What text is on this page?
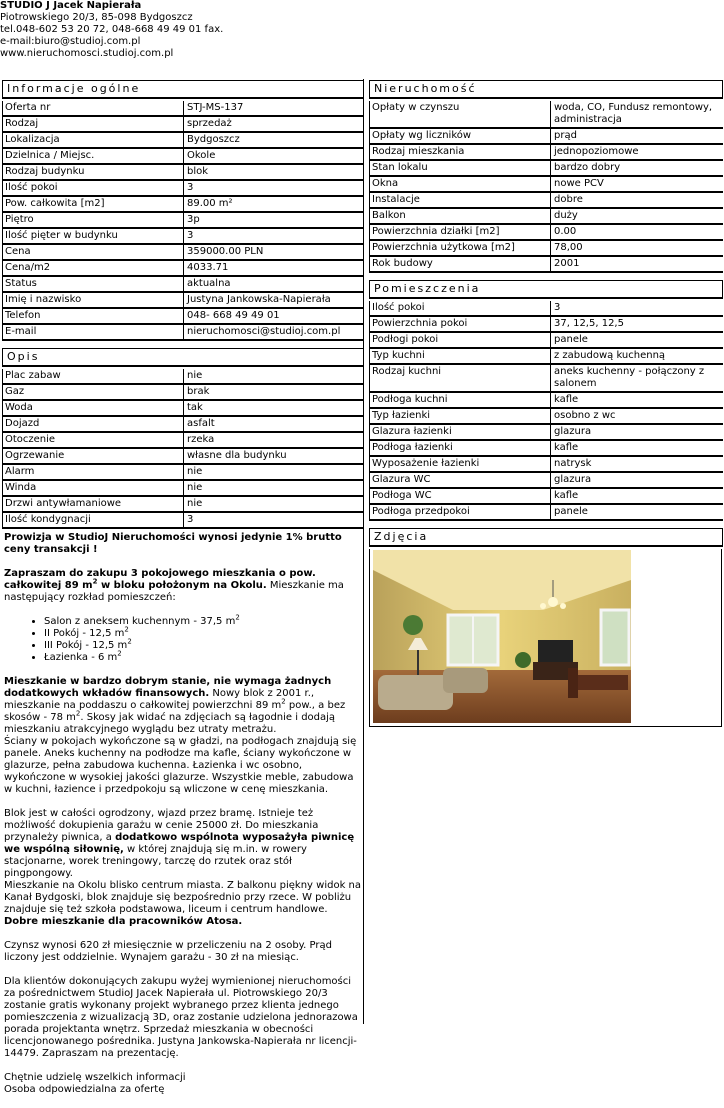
STUDIO J Jacek Napierała
Piotrowskiego 20/3, 85-098 Bydgoszcz
tel.048-602 53 20 72, 048-668 49 49 01 fax.
e-mail:biuro@studioj.com.pl
www.nieruchomosci.studioj.com.pl
Informacje ogólne
Oferta nr	STJ-MS-137
Rodzaj	sprzedaż
Lokalizacja	Bydgoszcz
Dzielnica / Miejsc.	Okole
Rodzaj budynku	blok
Ilość pokoi	3
Pow. całkowita [m2]	89.00 m²
Piętro	3p
Ilość pięter w budynku	3
Cena	359000.00 PLN
Cena/m2	4033.71
Status	aktualna
Imię i nazwisko	Justyna Jankowska-Napierała
Telefon	048- 668 49 49 01
E-mail	nieruchomosci@studioj.com.pl
Opis
Plac zabaw	nie
Gaz	brak
Woda	tak
Dojazd	asfalt
Otoczenie	rzeka
Ogrzewanie	własne dla budynku
Alarm	nie
Winda	nie
Drzwi antywłamaniowe	nie
Ilość kondygnacji	3

Prowizja w StudioJ Nieruchomości wynosi jedynie 1% brutto ceny transakcji !

Zapraszam do zakupu 3 pokojowego mieszkania o pow. całkowitej 89 $m^2$ w bloku położonym na Okolu. Mieszkanie ma następujący rozkład pomieszczeń:

• Salon z aneksem kuchennym - 37,5 $m^2$
• II Pokój - 12,5 $m^2$
• III Pokój - 12,5 $m^2$
• Łazienka - 6 $m^2$

Mieszkanie w bardzo dobrym stanie, nie wymaga żadnych dodatkowych wkładów finansowych. Nowy blok z 2001 r., mieszkanie na poddaszu o całkowitej powierzchni 89 $m^2$ pow., a bez skosów - 78 $m^2$. Skosy jak widać na zdjęciach są łagodnie i dodają mieszkaniu atrakcyjnego wyglądu bez utraty metrażu.
Ściany w pokojach wykończone są w gładzi, na podłogach znajdują się panele. Aneks kuchenny na podłodze ma kafle, ściany wykończone w glazurze, pełna zabudowa kuchenna. Łazienka i wc osobno, wykończone w wysokiej jakości glazurze. Wszystkie meble, zabudowa w kuchni, łazience i przedpokoju są wliczone w cenę mieszkania.

Blok jest w całości ogrodzony, wjazd przez bramę. Istnieje też możliwość dokupienia garażu w cenie 25000 zł. Do mieszkania przynależy piwnica, a dodatkowo wspólnota wyposażyła piwnicę we wspólną siłownię, w której znajdują się m.in. w rowery stacjonarne, worek treningowy, tarczę do rzutek oraz stół pingpongowy.
Mieszkanie na Okolu blisko centrum miasta. Z balkonu piękny widok na Kanał Bydgoski, blok znajduje się bezpośrednio przy rzece. W pobliżu znajduje się też szkoła podstawowa, liceum i centrum handlowe. Dobre mieszkanie dla pracowników Atosa.

Czynsz wynosi 620 zł miesięcznie w przeliczeniu na 2 osoby. Prąd liczony jest oddzielnie. Wynajem garażu - 30 zł na miesiąc.

Dla klientów dokonujących zakupu wyżej wymienionej nieruchomości za pośrednictwem StudioJ Jacek Napierała ul. Piotrowskiego 20/3 zostanie gratis wykonany projekt wybranego przez klienta jednego pomieszczenia z wizualizacją 3D, oraz zostanie udzielona jednorazowa porada projektanta wnętrz. Sprzedaż mieszkania w obecności licencjonowanego pośrednika. Justyna Jankowska-Napierała nr licencji- 14479. Zapraszam na prezentację.

Chętnie udzielę wszelkich informacji
Osoba odpowiedzialna za ofertę

Nieruchomość
Opłaty w czynszu	woda, CO, Fundusz remontowy, administracja
Opłaty wg liczników	prąd
Rodzaj mieszkania	jednopoziomowe
Stan lokalu	bardzo dobry
Okna	nowe PCV
Instalacje	dobre
Balkon	duży
Powierzchnia działki [m2]	0.00
Powierzchnia użytkowa [m2]	78,00
Rok budowy	2001
Pomieszczenia
Ilość pokoi	3
Powierzchnia pokoi	37, 12,5, 12,5
Podłogi pokoi	panele
Typ kuchni	z zabudową kuchenną
Rodzaj kuchni	aneks kuchenny - połączony z salonem
Podłoga kuchni	kafle
Typ łazienki	osobno z wc
Glazura łazienki	glazura
Podłoga łazienki	kafle
Wyposażenie łazienki	natrysk
Glazura WC	glazura
Podłoga WC	kafle
Podłoga przedpokoi	panele
Zdjęcia
